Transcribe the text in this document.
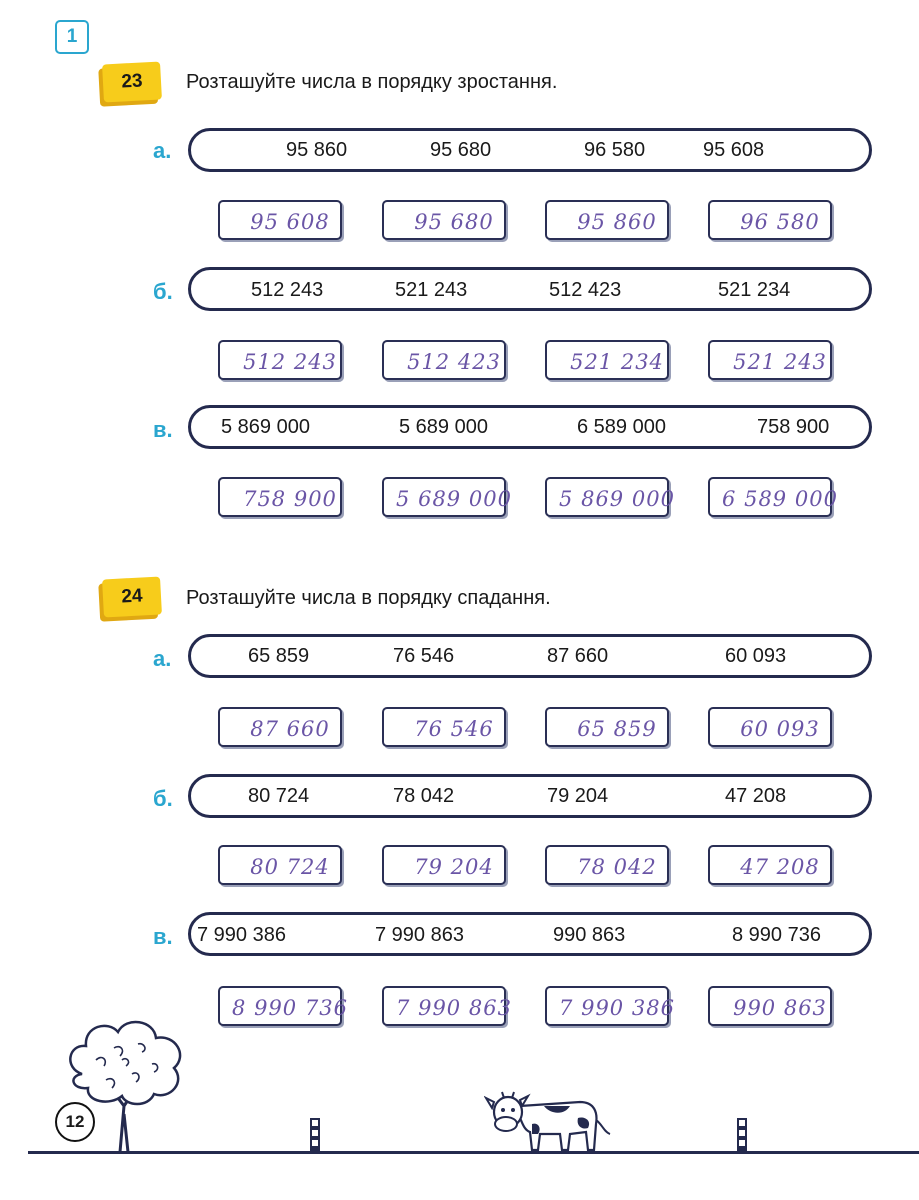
1
23	Розташуйте числа в порядку зростання.
а.	95 860	95 680	96 580	95 608
95 608	95 680	95 860	96 580
б.	512 243	521 243	512 423	521 234
512 243	512 423	521 234	521 243
в. 5 869 000	5 689 000	6 589 000	758 900
758 900	5 689 000	5 869 000	6 589 000
24	Розташуйте числа в порядку спадання.
а.	65 859	76 546	87 660	60 093
87 660	76 546	65 859	60 093
б.	80 724	78 042	79 204	47 208
80 724	79 204	78 042	47 208
в. 7 990 386	7 990 863	990 863	8 990 736
8 990 736	7 990 863	7 990 386	990 863
12
